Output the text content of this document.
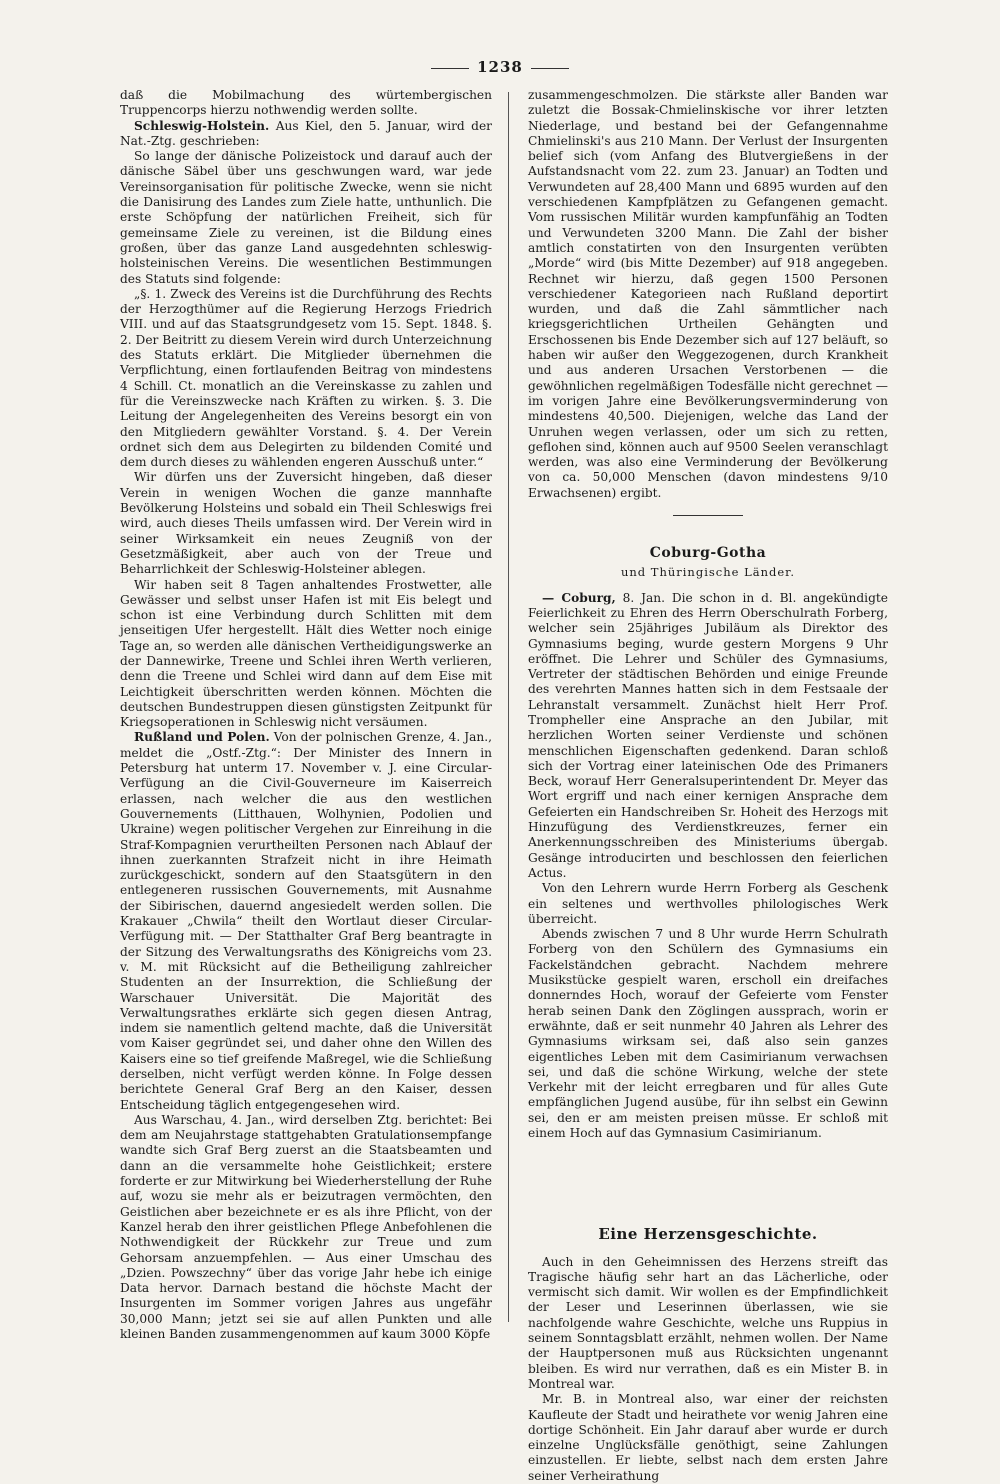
1238

daß die Mobilmachung des würtembergischen Truppencorps hierzu nothwendig werden sollte.

Schleswig-Holstein. Aus Kiel, den 5. Januar, wird der Nat.-Ztg. geschrieben:

So lange der dänische Polizeistock und darauf auch der dänische Säbel über uns geschwungen ward, war jede Vereinsorganisation für politische Zwecke, wenn sie nicht die Danisirung des Landes zum Ziele hatte, unthunlich. Die erste Schöpfung der natürlichen Freiheit, sich für gemeinsame Ziele zu vereinen, ist die Bildung eines großen, über das ganze Land ausgedehnten schleswig-holsteinischen Vereins. Die wesentlichen Bestimmungen des Statuts sind folgende:

„§. 1. Zweck des Vereins ist die Durchführung des Rechts der Herzogthümer auf die Regierung Herzogs Friedrich VIII. und auf das Staatsgrundgesetz vom 15. Sept. 1848. §. 2. Der Beitritt zu diesem Verein wird durch Unterzeichnung des Statuts erklärt. Die Mitglieder übernehmen die Verpflichtung, einen fortlaufenden Beitrag von mindestens 4 Schill. Ct. monatlich an die Vereinskasse zu zahlen und für die Vereinszwecke nach Kräften zu wirken. §. 3. Die Leitung der Angelegenheiten des Vereins besorgt ein von den Mitgliedern gewählter Vorstand. §. 4. Der Verein ordnet sich dem aus Delegirten zu bildenden Comité und dem durch dieses zu wählenden engeren Ausschuß unter.“

Wir dürfen uns der Zuversicht hingeben, daß dieser Verein in wenigen Wochen die ganze mannhafte Bevölkerung Holsteins und sobald ein Theil Schleswigs frei wird, auch dieses Theils umfassen wird. Der Verein wird in seiner Wirksamkeit ein neues Zeugniß von der Gesetzmäßigkeit, aber auch von der Treue und Beharrlichkeit der Schleswig-Holsteiner ablegen.

Wir haben seit 8 Tagen anhaltendes Frostwetter, alle Gewässer und selbst unser Hafen ist mit Eis belegt und schon ist eine Verbindung durch Schlitten mit dem jenseitigen Ufer hergestellt. Hält dies Wetter noch einige Tage an, so werden alle dänischen Vertheidigungswerke an der Dannewirke, Treene und Schlei ihren Werth verlieren, denn die Treene und Schlei wird dann auf dem Eise mit Leichtigkeit überschritten werden können. Möchten die deutschen Bundestruppen diesen günstigsten Zeitpunkt für Kriegsoperationen in Schleswig nicht versäumen.

Rußland und Polen. Von der polnischen Grenze, 4. Jan., meldet die „Ostf.-Ztg.“: Der Minister des Innern in Petersburg hat unterm 17. November v. J. eine Circular-Verfügung an die Civil-Gouverneure im Kaiserreich erlassen, nach welcher die aus den westlichen Gouvernements (Litthauen, Wolhynien, Podolien und Ukraine) wegen politischer Vergehen zur Einreihung in die Straf-Kompagnien verurtheilten Personen nach Ablauf der ihnen zuerkannten Strafzeit nicht in ihre Heimath zurückgeschickt, sondern auf den Staatsgütern in den entlegeneren russischen Gouvernements, mit Ausnahme der Sibirischen, dauernd angesiedelt werden sollen. Die Krakauer „Chwila“ theilt den Wortlaut dieser Circular-Verfügung mit. — Der Statthalter Graf Berg beantragte in der Sitzung des Verwaltungsraths des Königreichs vom 23. v. M. mit Rücksicht auf die Betheiligung zahlreicher Studenten an der Insurrektion, die Schließung der Warschauer Universität. Die Majorität des Verwaltungsrathes erklärte sich gegen diesen Antrag, indem sie namentlich geltend machte, daß die Universität vom Kaiser gegründet sei, und daher ohne den Willen des Kaisers eine so tief greifende Maßregel, wie die Schließung derselben, nicht verfügt werden könne. In Folge dessen berichtete General Graf Berg an den Kaiser, dessen Entscheidung täglich entgegengesehen wird.

Aus Warschau, 4. Jan., wird derselben Ztg. berichtet: Bei dem am Neujahrstage stattgehabten Gratulationsempfange wandte sich Graf Berg zuerst an die Staatsbeamten und dann an die versammelte hohe Geistlichkeit; erstere forderte er zur Mitwirkung bei Wiederherstellung der Ruhe auf, wozu sie mehr als er beizutragen vermöchten, den Geistlichen aber bezeichnete er es als ihre Pflicht, von der Kanzel herab den ihrer geistlichen Pflege Anbefohlenen die Nothwendigkeit der Rückkehr zur Treue und zum Gehorsam anzuempfehlen. — Aus einer Umschau des „Dzien. Powszechny“ über das vorige Jahr hebe ich einige Data hervor. Darnach bestand die höchste Macht der Insurgenten im Sommer vorigen Jahres aus ungefähr 30,000 Mann; jetzt sei sie auf allen Punkten und alle kleinen Banden zusammengenommen auf kaum 3000 Köpfe

zusammengeschmolzen. Die stärkste aller Banden war zuletzt die Bossak-Chmielinskische vor ihrer letzten Niederlage, und bestand bei der Gefangennahme Chmielinski's aus 210 Mann. Der Verlust der Insurgenten belief sich (vom Anfang des Blutvergießens in der Aufstandsnacht vom 22. zum 23. Januar) an Todten und Verwundeten auf 28,400 Mann und 6895 wurden auf den verschiedenen Kampfplätzen zu Gefangenen gemacht. Vom russischen Militär wurden kampfunfähig an Todten und Verwundeten 3200 Mann. Die Zahl der bisher amtlich constatirten von den Insurgenten verübten „Morde“ wird (bis Mitte Dezember) auf 918 angegeben. Rechnet wir hierzu, daß gegen 1500 Personen verschiedener Kategorieen nach Rußland deportirt wurden, und daß die Zahl sämmtlicher nach kriegsgerichtlichen Urtheilen Gehängten und Erschossenen bis Ende Dezember sich auf 127 beläuft, so haben wir außer den Weggezogenen, durch Krankheit und aus anderen Ursachen Verstorbenen — die gewöhnlichen regelmäßigen Todesfälle nicht gerechnet — im vorigen Jahre eine Bevölkerungsverminderung von mindestens 40,500. Diejenigen, welche das Land der Unruhen wegen verlassen, oder um sich zu retten, geflohen sind, können auch auf 9500 Seelen veranschlagt werden, was also eine Verminderung der Bevölkerung von ca. 50,000 Menschen (davon mindestens 9/10 Erwachsenen) ergibt.

Coburg-Gotha
und Thüringische Länder.

— Coburg, 8. Jan. Die schon in d. Bl. angekündigte Feierlichkeit zu Ehren des Herrn Oberschulrath Forberg, welcher sein 25jähriges Jubiläum als Direktor des Gymnasiums beging, wurde gestern Morgens 9 Uhr eröffnet. Die Lehrer und Schüler des Gymnasiums, Vertreter der städtischen Behörden und einige Freunde des verehrten Mannes hatten sich in dem Festsaale der Lehranstalt versammelt. Zunächst hielt Herr Prof. Trompheller eine Ansprache an den Jubilar, mit herzlichen Worten seiner Verdienste und schönen menschlichen Eigenschaften gedenkend. Daran schloß sich der Vortrag einer lateinischen Ode des Primaners Beck, worauf Herr Generalsuperintendent Dr. Meyer das Wort ergriff und nach einer kernigen Ansprache dem Gefeierten ein Handschreiben Sr. Hoheit des Herzogs mit Hinzufügung des Verdienstkreuzes, ferner ein Anerkennungsschreiben des Ministeriums übergab. Gesänge introducirten und beschlossen den feierlichen Actus.

Von den Lehrern wurde Herrn Forberg als Geschenk ein seltenes und werthvolles philologisches Werk überreicht.

Abends zwischen 7 und 8 Uhr wurde Herrn Schulrath Forberg von den Schülern des Gymnasiums ein Fackelständchen gebracht. Nachdem mehrere Musikstücke gespielt waren, erscholl ein dreifaches donnerndes Hoch, worauf der Gefeierte vom Fenster herab seinen Dank den Zöglingen aussprach, worin er erwähnte, daß er seit nunmehr 40 Jahren als Lehrer des Gymnasiums wirksam sei, daß also sein ganzes eigentliches Leben mit dem Casimirianum verwachsen sei, und daß die schöne Wirkung, welche der stete Verkehr mit der leicht erregbaren und für alles Gute empfänglichen Jugend ausübe, für ihn selbst ein Gewinn sei, den er am meisten preisen müsse. Er schloß mit einem Hoch auf das Gymnasium Casimirianum.

Eine Herzensgeschichte.

Auch in den Geheimnissen des Herzens streift das Tragische häufig sehr hart an das Lächerliche, oder vermischt sich damit. Wir wollen es der Empfindlichkeit der Leser und Leserinnen überlassen, wie sie nachfolgende wahre Geschichte, welche uns Ruppius in seinem Sonntagsblatt erzählt, nehmen wollen. Der Name der Hauptpersonen muß aus Rücksichten ungenannt bleiben. Es wird nur verrathen, daß es ein Mister B. in Montreal war.

Mr. B. in Montreal also, war einer der reichsten Kaufleute der Stadt und heirathete vor wenig Jahren eine dortige Schönheit. Ein Jahr darauf aber wurde er durch einzelne Unglücksfälle genöthigt, seine Zahlungen einzustellen. Er liebte, selbst nach dem ersten Jahre seiner Verheirathung
